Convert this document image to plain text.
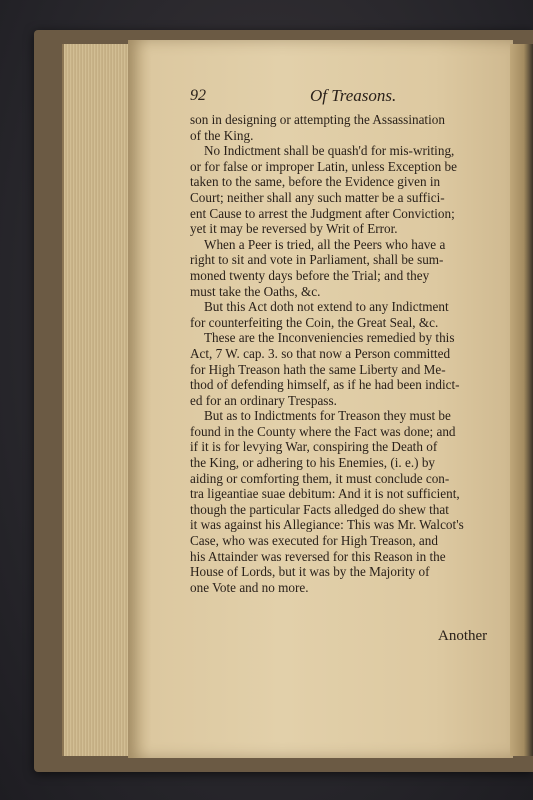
92	Of Treasons.
son in designing or attempting the Assassination
of the King.
No Indictment shall be quash'd for mis-writing,
or for false or improper Latin, unless Exception be
taken to the same, before the Evidence given in
Court; neither shall any such matter be a suffici-
ent Cause to arrest the Judgment after Conviction;
yet it may be reversed by Writ of Error.
When a Peer is tried, all the Peers who have a
right to sit and vote in Parliament, shall be sum-
moned twenty days before the Trial; and they
must take the Oaths, &c.
But this Act doth not extend to any Indictment
for counterfeiting the Coin, the Great Seal, &c.
These are the Inconveniencies remedied by this
Act, 7 W. cap. 3. so that now a Person committed
for High Treason hath the same Liberty and Me-
thod of defending himself, as if he had been indict-
ed for an ordinary Trespass.
But as to Indictments for Treason they must be
found in the County where the Fact was done; and
if it is for levying War, conspiring the Death of
the King, or adhering to his Enemies, (i. e.) by
aiding or comforting them, it must conclude con-
tra ligeantiae suae debitum: And it is not sufficient,
though the particular Facts alledged do shew that
it was against his Allegiance: This was Mr. Walcot's
Case, who was executed for High Treason, and
his Attainder was reversed for this Reason in the
House of Lords, but it was by the Majority of
one Vote and no more.
Another
